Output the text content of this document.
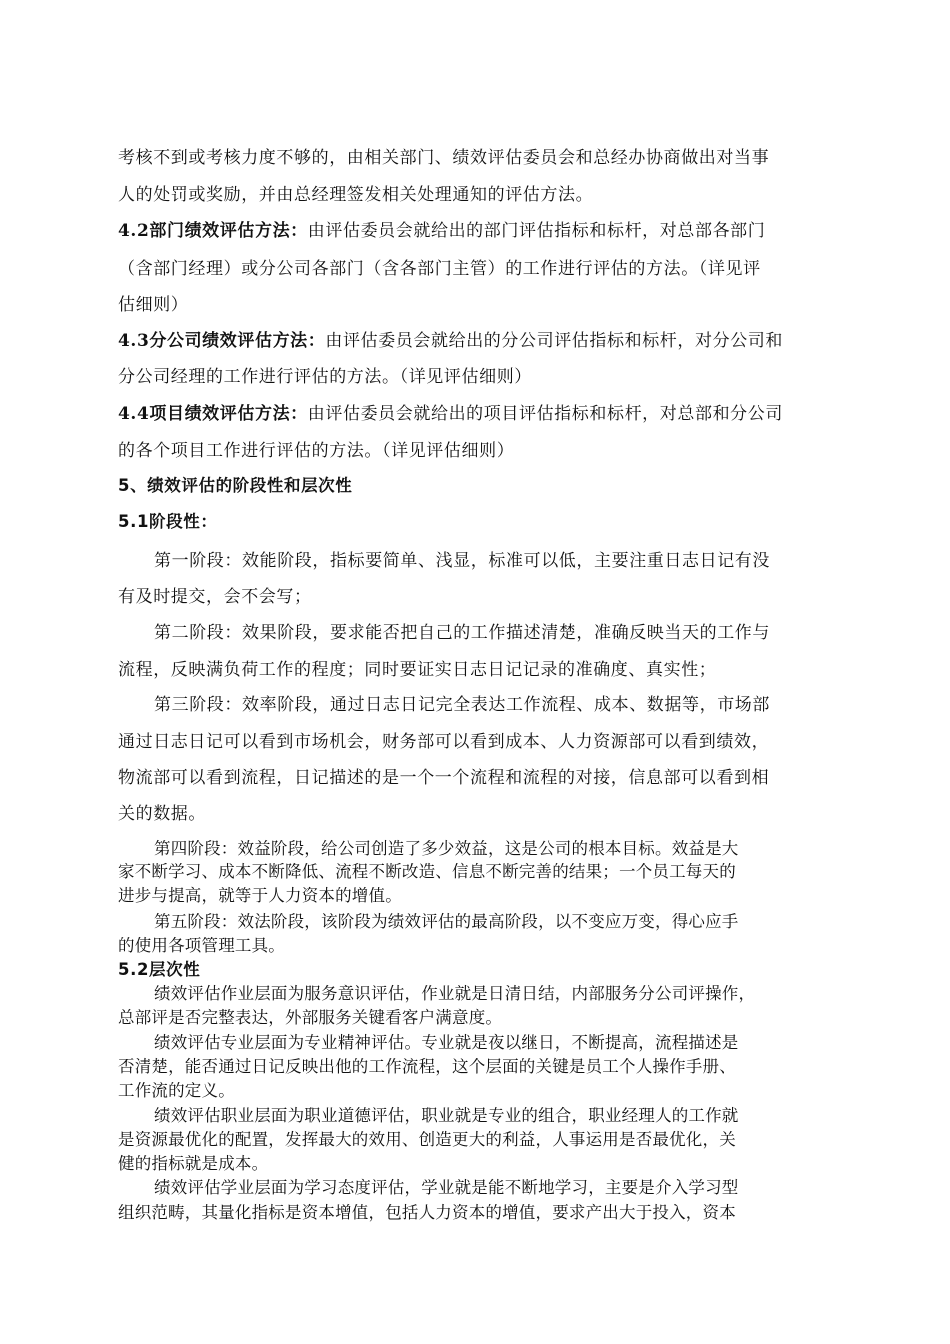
考核不到或考核力度不够的，由相关部门、绩效评估委员会和总经办协商做出对当事
人的处罚或奖励，并由总经理签发相关处理通知的评估方法。
4.2部门绩效评估方法：由评估委员会就给出的部门评估指标和标杆，对总部各部门
（含部门经理）或分公司各部门（含各部门主管）的工作进行评估的方法。（详见评
估细则）
4.3分公司绩效评估方法：由评估委员会就给出的分公司评估指标和标杆，对分公司和
分公司经理的工作进行评估的方法。（详见评估细则）
4.4项目绩效评估方法：由评估委员会就给出的项目评估指标和标杆，对总部和分公司
的各个项目工作进行评估的方法。（详见评估细则）
5、绩效评估的阶段性和层次性
5.1阶段性：
第一阶段：效能阶段，指标要简单、浅显，标准可以低，主要注重日志日记有没
有及时提交，会不会写；
第二阶段：效果阶段，要求能否把自己的工作描述清楚，准确反映当天的工作与
流程，反映满负荷工作的程度；同时要证实日志日记记录的准确度、真实性；
第三阶段：效率阶段，通过日志日记完全表达工作流程、成本、数据等，市场部
通过日志日记可以看到市场机会，财务部可以看到成本、人力资源部可以看到绩效，
物流部可以看到流程，日记描述的是一个一个流程和流程的对接，信息部可以看到相
关的数据。
第四阶段：效益阶段，给公司创造了多少效益，这是公司的根本目标。效益是大
家不断学习、成本不断降低、流程不断改造、信息不断完善的结果；一个员工每天的
进步与提高，就等于人力资本的增值。
第五阶段：效法阶段，该阶段为绩效评估的最高阶段，以不变应万变，得心应手
的使用各项管理工具。
5.2层次性
绩效评估作业层面为服务意识评估，作业就是日清日结，内部服务分公司评操作，
总部评是否完整表达，外部服务关键看客户满意度。
绩效评估专业层面为专业精神评估。专业就是夜以继日，不断提高，流程描述是
否清楚，能否通过日记反映出他的工作流程，这个层面的关键是员工个人操作手册、
工作流的定义。
绩效评估职业层面为职业道德评估，职业就是专业的组合，职业经理人的工作就
是资源最优化的配置，发挥最大的效用、创造更大的利益，人事运用是否最优化，关
健的指标就是成本。
绩效评估学业层面为学习态度评估，学业就是能不断地学习，主要是介入学习型
组织范畴，其量化指标是资本增值，包括人力资本的增值，要求产出大于投入，资本
